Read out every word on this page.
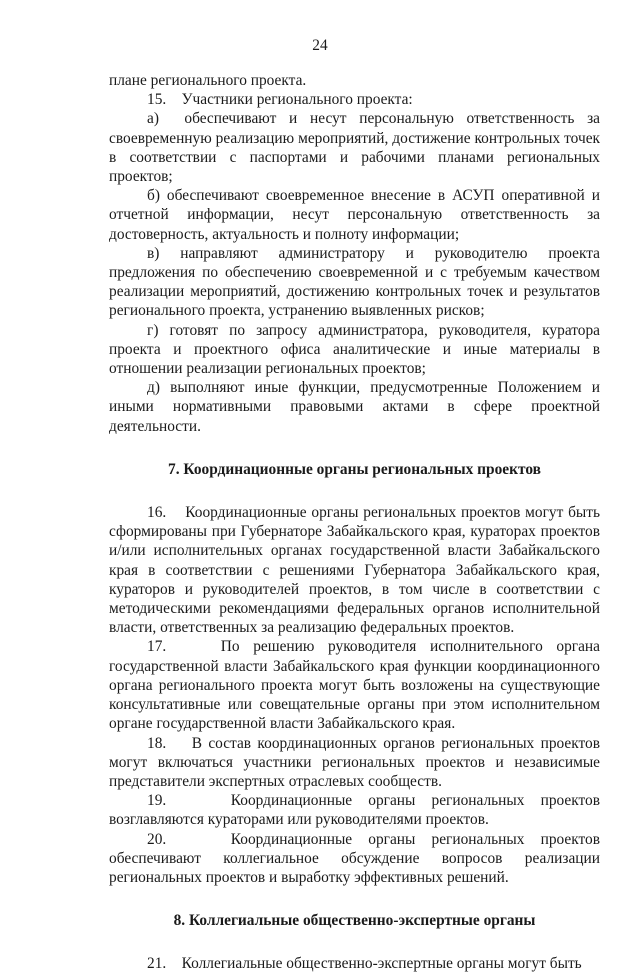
24

плане регионального проекта.

15.    Участники регионального проекта:

а)  обеспечивают и несут персональную ответственность за своевременную реализацию мероприятий, достижение контрольных точек в соответствии с паспортами и рабочими планами региональных проектов;

б) обеспечивают своевременное внесение в АСУП оперативной и отчетной информации, несут персональную ответственность за достоверность, актуальность и полноту информации;

в) направляют администратору и руководителю проекта предложения по обеспечению своевременной и с требуемым качеством реализации мероприятий, достижению контрольных точек и результатов регионального проекта, устранению выявленных рисков;

г) готовят по запросу администратора, руководителя, куратора проекта и проектного офиса аналитические и иные материалы в отношении реализации региональных проектов;

д) выполняют иные функции, предусмотренные Положением и иными нормативными правовыми актами в сфере проектной деятельности.

7. Координационные органы региональных проектов

16.    Координационные органы региональных проектов могут быть сформированы при Губернаторе Забайкальского края, кураторах проектов и/или исполнительных органах государственной власти Забайкальского края в соответствии с решениями Губернатора Забайкальского края, кураторов и руководителей проектов, в том числе в соответствии с методическими рекомендациями федеральных органов исполнительной власти, ответственных за реализацию федеральных проектов.

17.    По решению руководителя исполнительного органа государственной власти Забайкальского края функции координационного органа регионального проекта могут быть возложены на существующие консультативные или совещательные органы при этом исполнительном органе государственной власти Забайкальского края.

18.    В состав координационных органов региональных проектов могут включаться участники региональных проектов и независимые представители экспертных отраслевых сообществ.

19.    Координационные органы региональных проектов возглавляются кураторами или руководителями проектов.

20.    Координационные органы региональных проектов обеспечивают коллегиальное обсуждение вопросов реализации региональных проектов и выработку эффективных решений.

8. Коллегиальные общественно-экспертные органы

21.    Коллегиальные общественно-экспертные органы могут быть
